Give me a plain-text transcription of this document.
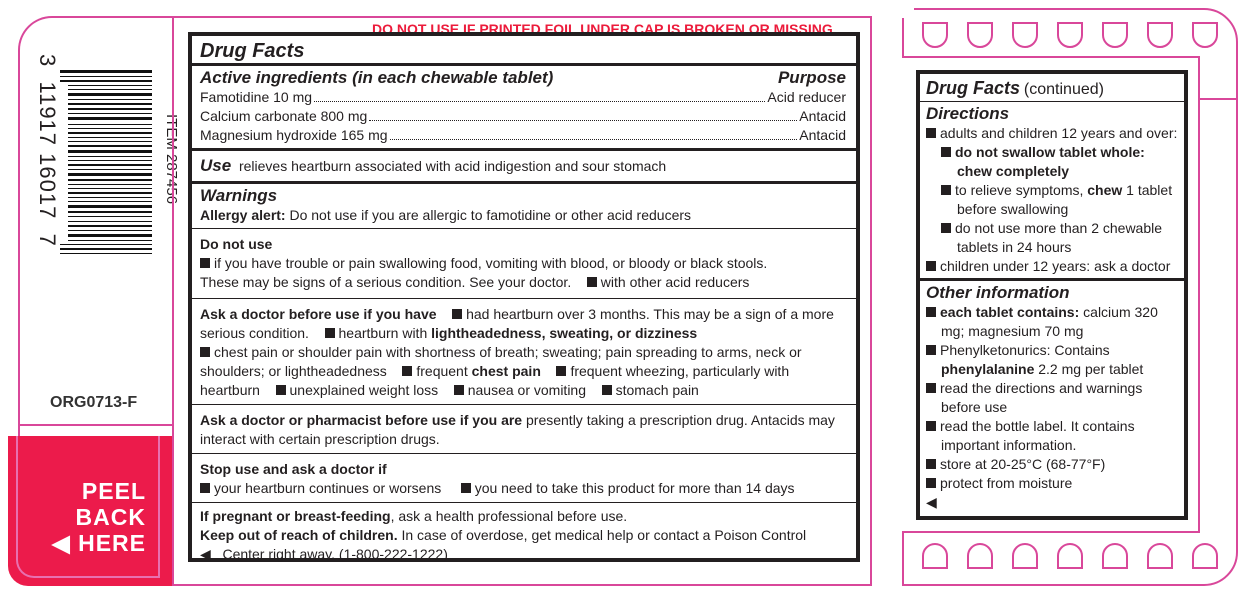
3  11917 16017  7
ITEM 287456
ORG0713-F
PEEL
BACK
◀ HERE
DO NOT USE IF PRINTED FOIL UNDER CAP IS BROKEN OR MISSING
Drug Facts
Active ingredients (in each chewable tablet)	Purpose
Famotidine 10 mg	Acid reducer
Calcium carbonate 800 mg	Antacid
Magnesium hydroxide 165 mg	Antacid
Use relieves heartburn associated with acid indigestion and sour stomach
Warnings
Allergy alert: Do not use if you are allergic to famotidine or other acid reducers
Do not use
if you have trouble or pain swallowing food, vomiting with blood, or bloody or black stools.
These may be signs of a serious condition. See your doctor. with other acid reducers
Ask a doctor before use if you have had heartburn over 3 months. This may be a sign of a more serious condition. heartburn with lightheadedness, sweating, or dizziness
chest pain or shoulder pain with shortness of breath; sweating; pain spreading to arms, neck or shoulders; or lightheadedness frequent chest pain frequent wheezing, particularly with heartburn unexplained weight loss nausea or vomiting stomach pain
Ask a doctor or pharmacist before use if you are presently taking a prescription drug. Antacids may interact with certain prescription drugs.
Stop use and ask a doctor if
your heartburn continues or worsens you need to take this product for more than 14 days
If pregnant or breast-feeding, ask a health professional before use.
Keep out of reach of children. In case of overdose, get medical help or contact a Poison Control
◀ Center right away. (1-800-222-1222)
Drug Facts (continued)
Directions
adults and children 12 years and over:
do not swallow tablet whole: chew completely
to relieve symptoms, chew 1 tablet before swallowing
do not use more than 2 chewable tablets in 24 hours
children under 12 years: ask a doctor
Other information
each tablet contains: calcium 320 mg; magnesium 70 mg
Phenylketonurics: Contains phenylalanine 2.2 mg per tablet
read the directions and warnings before use
read the bottle label. It contains important information.
store at 20-25°C (68-77°F)
protect from moisture
◀
